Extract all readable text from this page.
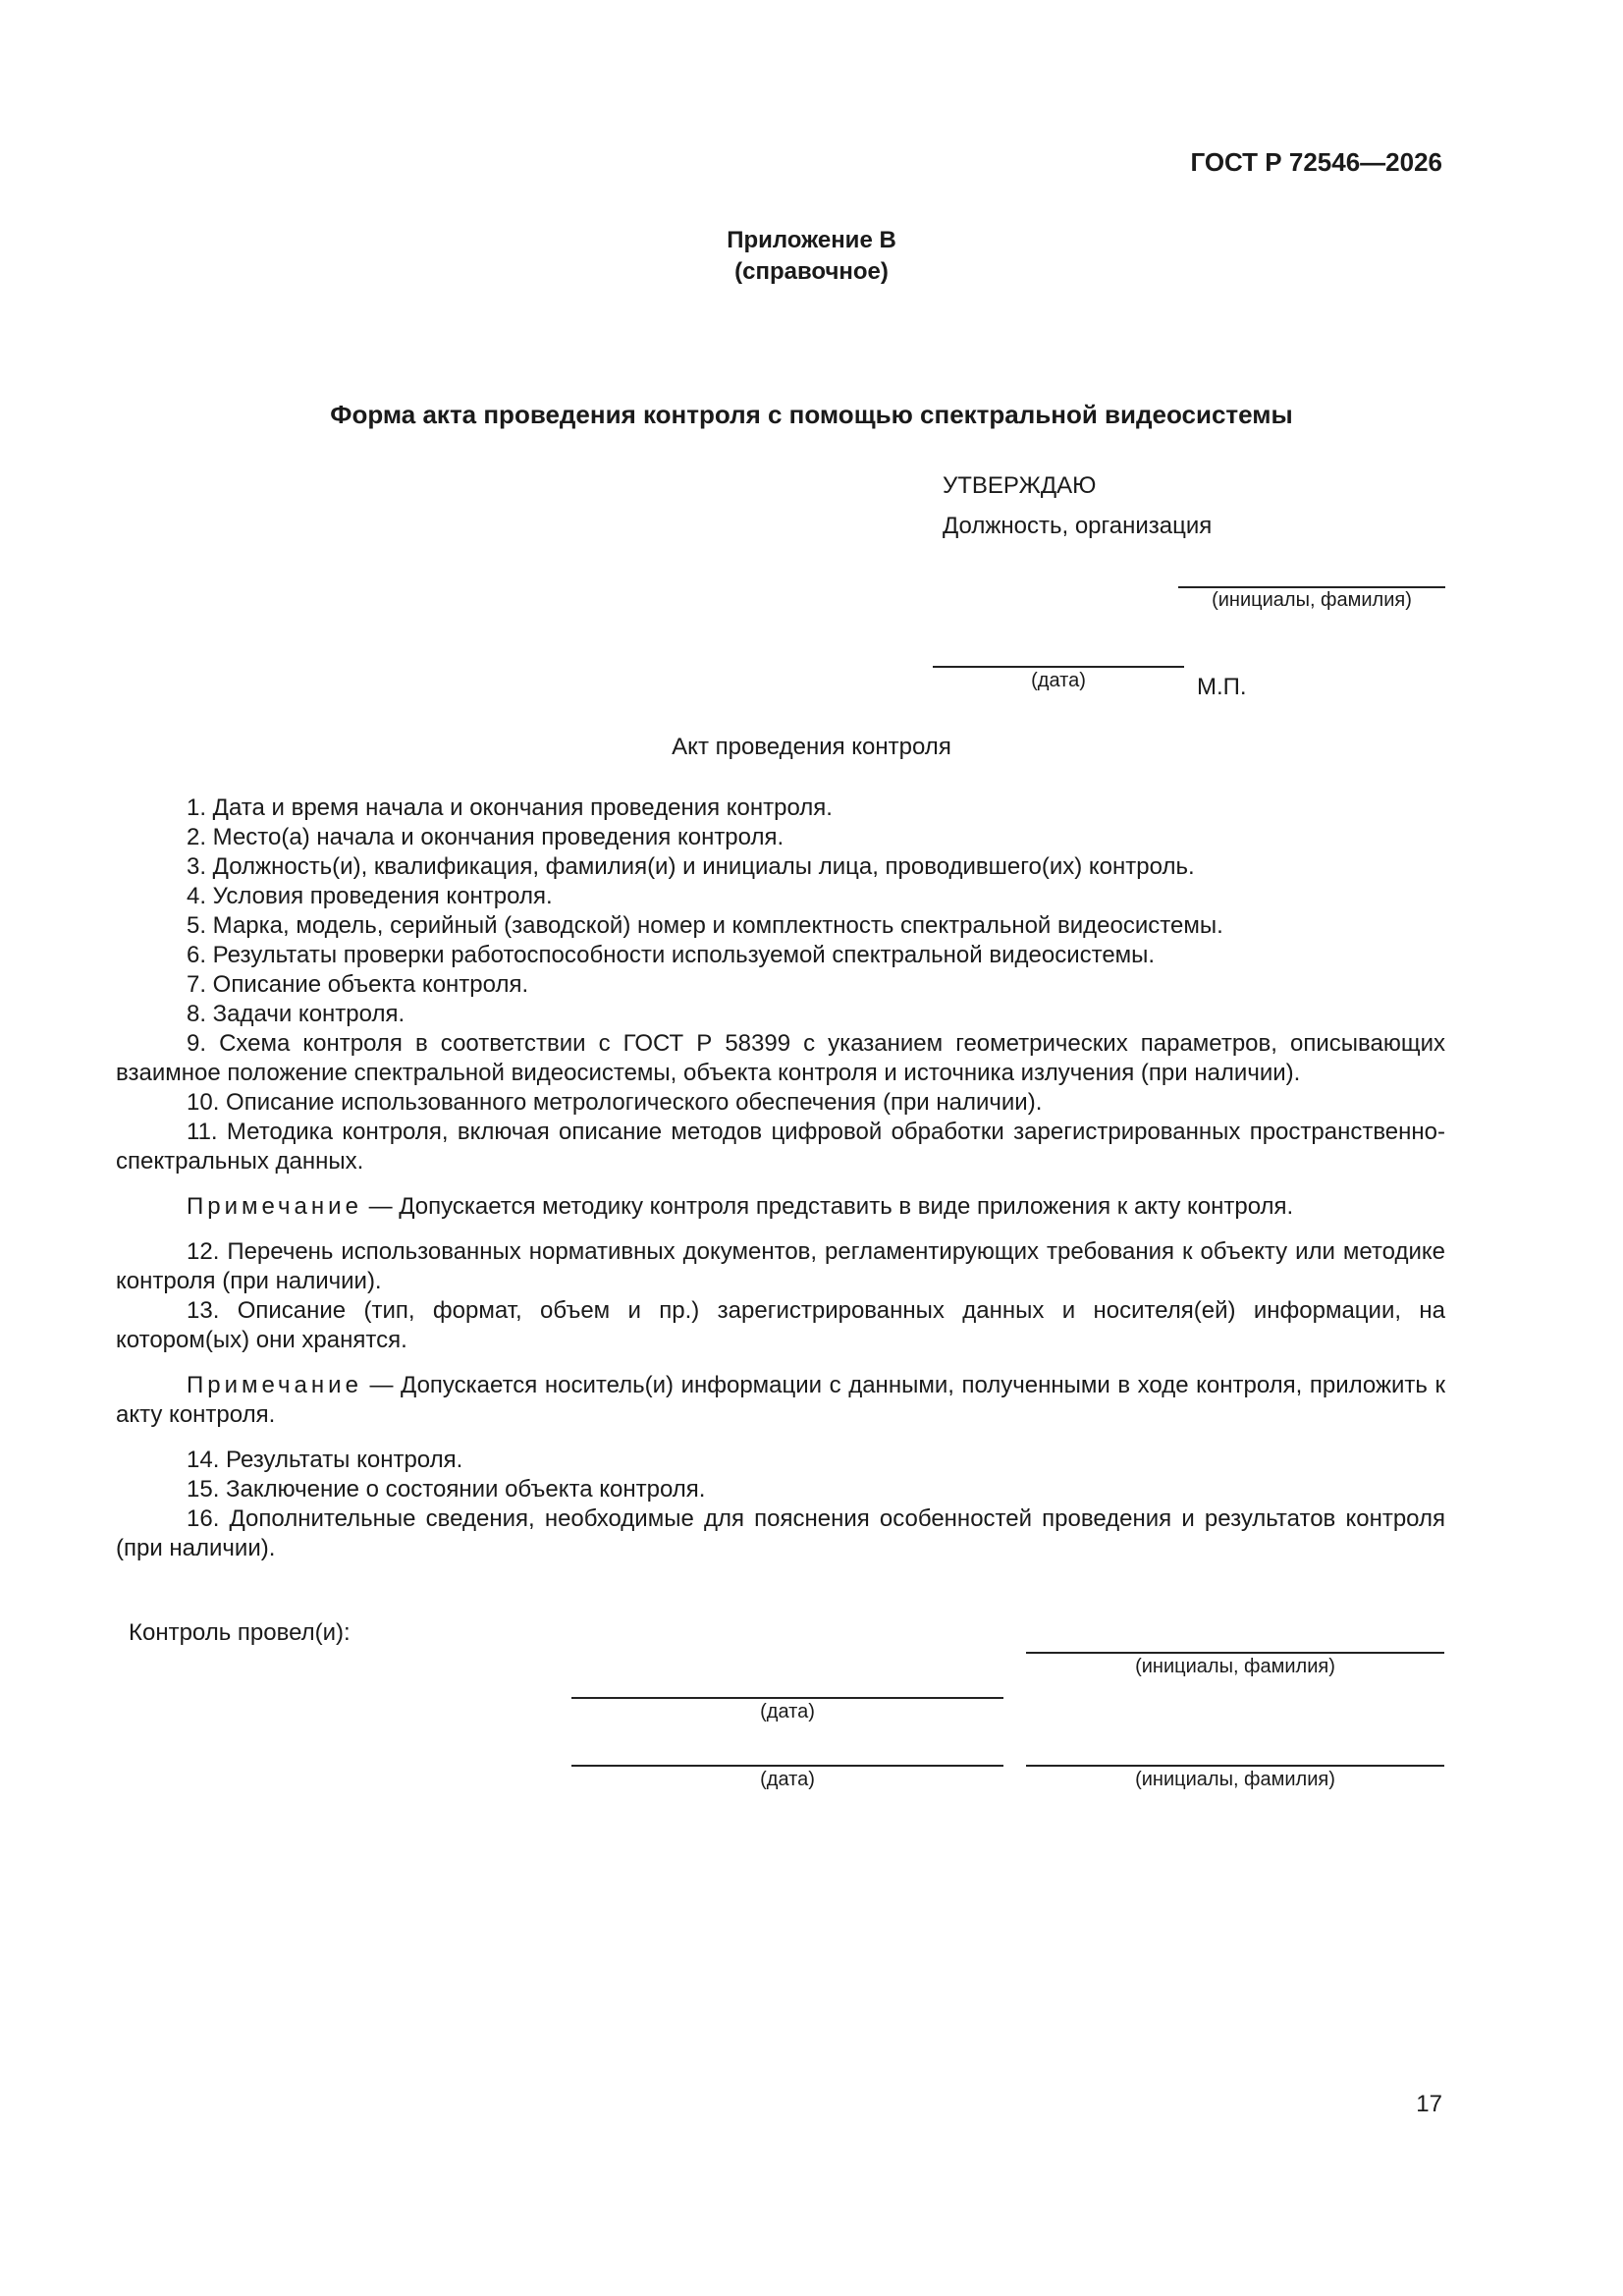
ГОСТ Р 72546—2026
Приложение В
(справочное)
Форма акта проведения контроля с помощью спектральной видеосистемы
УТВЕРЖДАЮ
Должность, организация
(инициалы, фамилия)
(дата)	М.П.
Акт проведения контроля

1. Дата и время начала и окончания проведения контроля.

2. Место(а) начала и окончания проведения контроля.

3. Должность(и), квалификация, фамилия(и) и инициалы лица, проводившего(их) контроль.

4. Условия проведения контроля.

5. Марка, модель, серийный (заводской) номер и комплектность спектральной видеосистемы.

6. Результаты проверки работоспособности используемой спектральной видеосистемы.

7. Описание объекта контроля.

8. Задачи контроля.

9. Схема контроля в соответствии с ГОСТ Р 58399 с указанием геометрических параметров, описывающих взаимное положение спектральной видеосистемы, объекта контроля и источника излучения (при наличии).

10. Описание использованного метрологического обеспечения (при наличии).

11. Методика контроля, включая описание методов цифровой обработки зарегистрированных пространственно-спектральных данных.

Примечание — Допускается методику контроля представить в виде приложения к акту контроля.

12. Перечень использованных нормативных документов, регламентирующих требования к объекту или методике контроля (при наличии).

13. Описание (тип, формат, объем и пр.) зарегистрированных данных и носителя(ей) информации, на котором(ых) они хранятся.

Примечание — Допускается носитель(и) информации с данными, полученными в ходе контроля, приложить к акту контроля.

14. Результаты контроля.

15. Заключение о состоянии объекта контроля.

16. Дополнительные сведения, необходимые для пояснения особенностей проведения и результатов контроля (при наличии).

Контроль провел(и):
(инициалы, фамилия)
(дата)
(дата)	(инициалы, фамилия)
17
